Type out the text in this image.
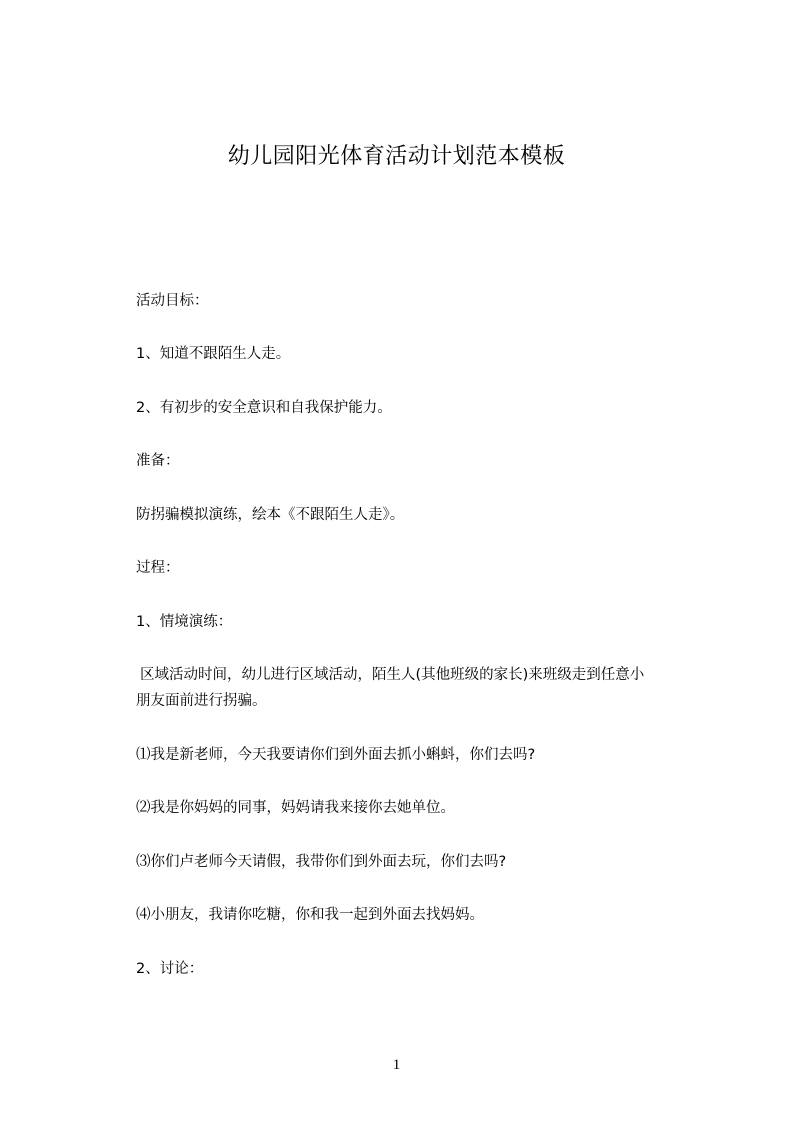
幼儿园阳光体育活动计划范本模板
活动目标：
1、知道不跟陌生人走。
2、有初步的安全意识和自我保护能力。
准备：
防拐骗模拟演练，绘本《不跟陌生人走》。
过程：
1、情境演练：
区域活动时间，幼儿进行区域活动，陌生人(其他班级的家长)来班级走到任意小
朋友面前进行拐骗。
⑴我是新老师，今天我要请你们到外面去抓小蝌蚪，你们去吗?
⑵我是你妈妈的同事，妈妈请我来接你去她单位。
⑶你们卢老师今天请假，我带你们到外面去玩，你们去吗?
⑷小朋友，我请你吃糖，你和我一起到外面去找妈妈。
2、讨论：
1
